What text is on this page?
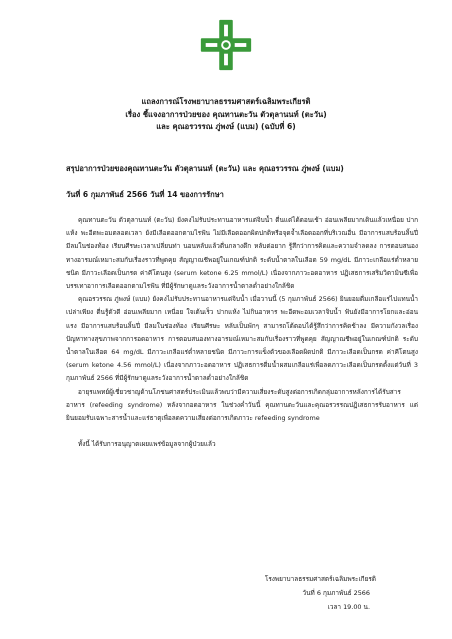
แถลงการณ์โรงพยาบาลธรรมศาสตร์เฉลิมพระเกียรติ
เรื่อง ชี้แจงอาการป่วยของ คุณทานตะวัน ตัวตุลานนท์ (ตะวัน)
และ คุณอรวรรณ ภู่พงษ์ (แบม) (ฉบับที่ 6)
สรุปอาการป่วยของคุณทานตะวัน ตัวตุลานนท์ (ตะวัน) และ คุณอรวรรณ ภู่พงษ์ (แบม)
วันที่ 6 กุมภาพันธ์ 2566 วันที่ 14 ของการรักษา

คุณทานตะวัน ตัวตุลานนท์ (ตะวัน) ยังคงไม่รับประทานอาหารแต่จิบน้ำ ตื่นแต่ได้ตอนเช้า อ่อนเพลียมากเดินแล้วเหนื่อย ปากแห้ง พะอืดพะอมตลอดเวลา ยังมีเลือดออกตามไรฟัน ไม่มีเลือดออกผิดปกติหรือจุดจ้ำเลือดออกที่บริเวณอื่น มีอาการแสบร้อนลิ้นปี่ มีลมในช่องท้อง เรียนศีรษะเวลาเปลี่ยนท่า นอนหลับแล้วตื่นกลางดึก หลับต่อยาก รู้สึกว่าการคิดและความจำลดลง การตอบสนองทางอารมณ์เหมาะสมกับเรื่องราวที่พูดคุย สัญญาณชีพอยู่ในเกณฑ์ปกติ ระดับน้ำตาลในเลือด 59 mg/dL มีภาวะเกลือแร่ต่ำหลายชนิด มีภาวะเลือดเป็นกรด ค่าคีโตนสูง (serum ketone 6.25 mmol/L) เนื่องจากภาวะอดอาหาร ปฏิเสธการเสริมวิตามินซีเพื่อบรรเทาอาการเลือดออกตามไรฟัน ที่มีผู้รักษาดูแลระวังอาการน้ำตาลต่ำอย่างใกล้ชิด

คุณอรวรรณ ภู่พงษ์ (แบม) ยังคงไม่รับประทานอาหารแต่จิบน้ำ เมื่อวานนี้ (5 กุมภาพันธ์ 2566) ยินยอมดื่มเกลือแร่ไปแทนน้ำเปล่าเพียง ตื่นรู้ตัวดี อ่อนเพลียมาก เหนื่อย ใจเต้นเร็ว ปากแห้ง ไม่กินอาหาร พะอืดพะอมเวลาจิบน้ำ ฟันยังมีอาการโยกและอ่อนแรง มีอาการแสบร้อนลิ้นปี่ มีลมในช่องท้อง เรียนศีรษะ หลับเป็นพักๆ สามารถโต้ตอบได้รู้สึกว่าการคิดช้าลง มีความกังวลเรื่องปัญหาทางสุขภาพจากการอดอาหาร การตอบสนองทางอารมณ์เหมาะสมกับเรื่องราวที่พูดคุย สัญญาณชีพอยู่ในเกณฑ์ปกติ ระดับน้ำตาลในเลือด 64 mg/dL มีภาวะเกลือแร่ต่ำหลายชนิด มีภาวะการแข็งตัวของเลือดผิดปกติ มีภาวะเลือดเป็นกรด ค่าคีโตนสูง (serum ketone 4.56 mmol/L) เนื่องจากภาวะอดอาหาร ปฏิเสธการดื่มน้ำผสมเกลือแร่เพื่อลดภาวะเลือดเป็นกรดตั้งแต่วันที่ 3 กุมภาพันธ์ 2566 ที่มีผู้รักษาดูแลระวังอาการน้ำตาลต่ำอย่างใกล้ชิด

อายุรแพทย์ผู้เชี่ยวชาญด้านโภชนศาสตร์ประเมินแล้วพบว่ามีความเสี่ยงระดับสูงต่อการเกิดกลุ่มอาการหลังการได้รับสารอาหาร (refeeding syndrome) หลังจากอดอาหาร ในช่วงค่ำวันนี้ คุณทานตะวันและคุณอรวรรณปฏิเสธการรับอาหาร แต่ยินยอมรับเฉพาะสารน้ำและแร่ธาตุเพื่อลดความเสี่ยงต่อการเกิดภาวะ refeeding syndrome

ทั้งนี้ ได้รับการอนุญาตเผยแพร่ข้อมูลจากผู้ป่วยแล้ว

โรงพยาบาลธรรมศาสตร์เฉลิมพระเกียรติ
วันที่ 6 กุมภาพันธ์ 2566
เวลา 19.00 น.
